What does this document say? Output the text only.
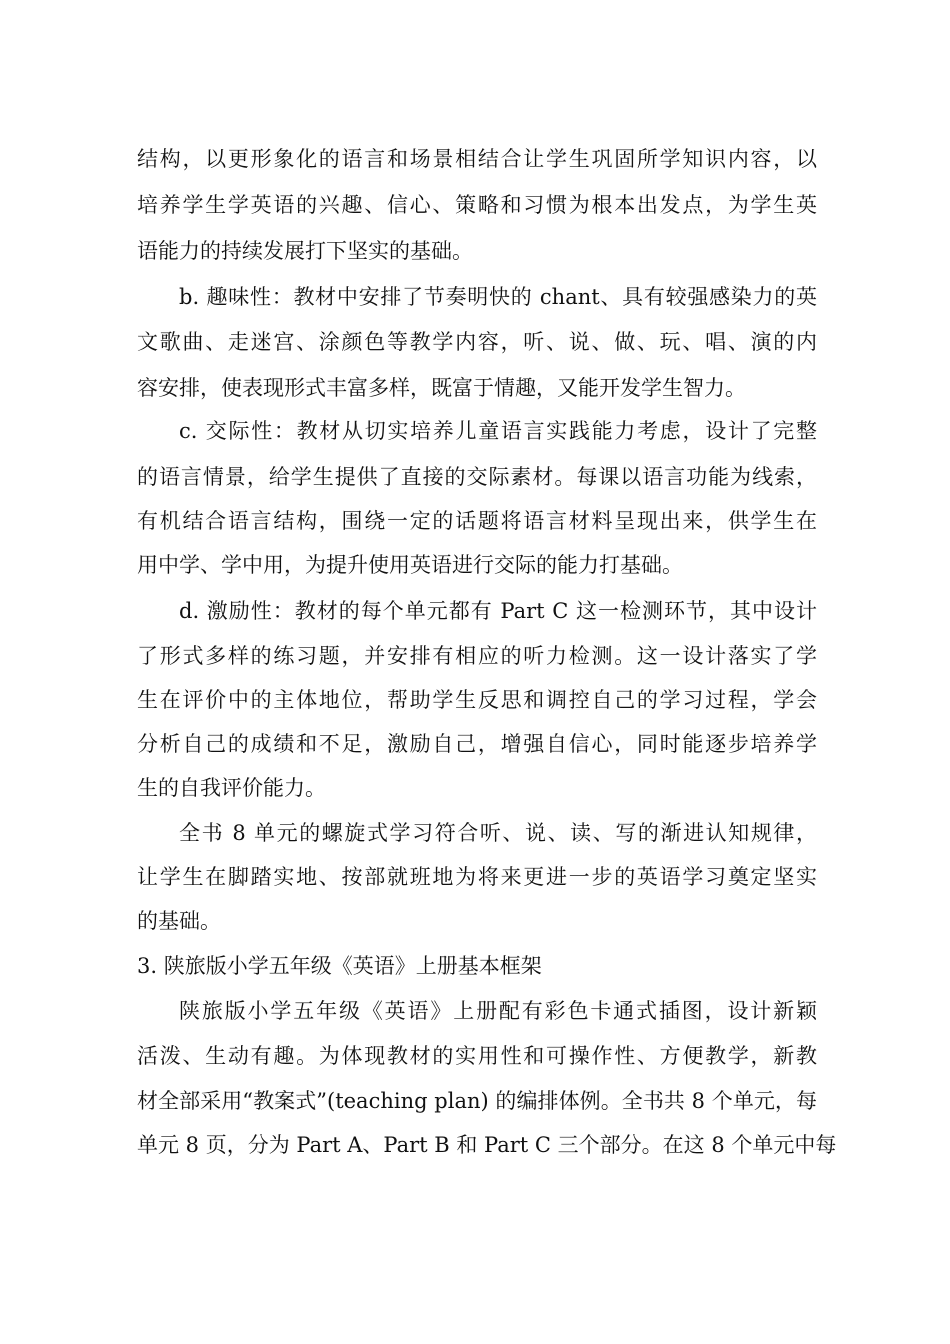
结构，以更形象化的语言和场景相结合让学生巩固所学知识内容，以
培养学生学英语的兴趣、信心、策略和习惯为根本出发点，为学生英
语能力的持续发展打下坚实的基础。
b. 趣味性：教材中安排了节奏明快的 chant、具有较强感染力的英
文歌曲、走迷宫、涂颜色等教学内容，听、说、做、玩、唱、演的内
容安排，使表现形式丰富多样，既富于情趣，又能开发学生智力。
c. 交际性：教材从切实培养儿童语言实践能力考虑，设计了完整
的语言情景，给学生提供了直接的交际素材。每课以语言功能为线索，
有机结合语言结构，围绕一定的话题将语言材料呈现出来，供学生在
用中学、学中用，为提升使用英语进行交际的能力打基础。
d. 激励性：教材的每个单元都有 Part C 这一检测环节，其中设计
了形式多样的练习题，并安排有相应的听力检测。这一设计落实了学
生在评价中的主体地位，帮助学生反思和调控自己的学习过程，学会
分析自己的成绩和不足，激励自己，增强自信心，同时能逐步培养学
生的自我评价能力。
全书 8 单元的螺旋式学习符合听、说、读、写的渐进认知规律，
让学生在脚踏实地、按部就班地为将来更进一步的英语学习奠定坚实
的基础。
3. 陕旅版小学五年级《英语》上册基本框架
陕旅版小学五年级《英语》上册配有彩色卡通式插图，设计新颖
活泼、生动有趣。为体现教材的实用性和可操作性、方便教学，新教
材全部采用“教案式”(teaching plan) 的编排体例。全书共 8 个单元，每
单元 8 页，分为 Part A、Part B 和 Part C 三个部分。在这 8 个单元中每
